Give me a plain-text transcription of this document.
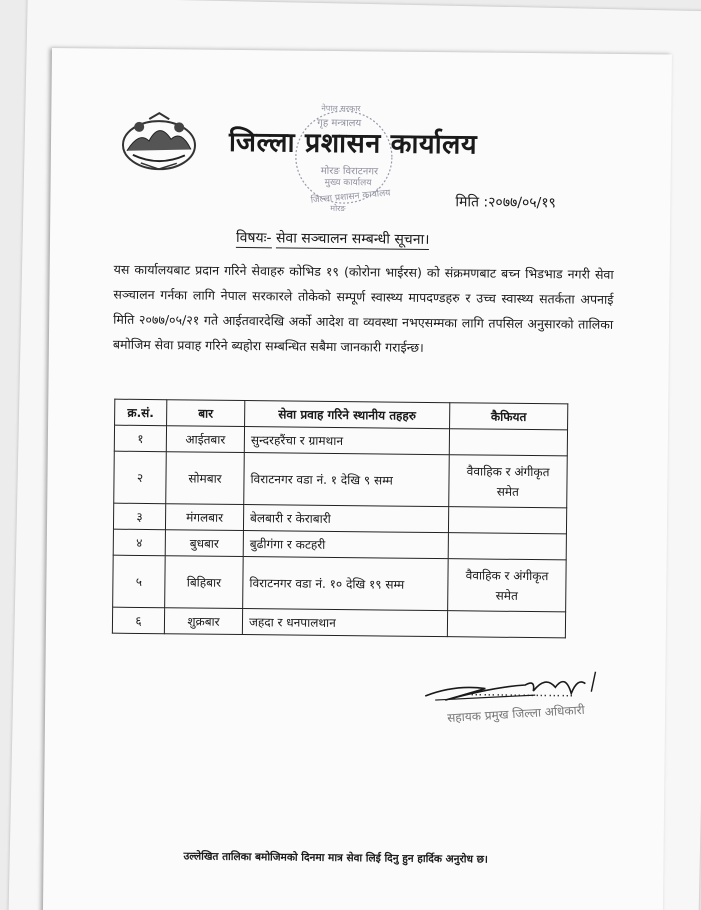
जिल्ला प्रशासन कार्यालय
नेपाल सरकार
गृह मन्त्रालय
मोरङ विराटनगर
मुख्य कार्यालय
जिल्ला प्रशासन कार्यालय
मोरङ	मिति :२०७७/०५/१९
विषयः- सेवा सञ्चालन सम्बन्धी सूचना।

यस कार्यालयबाट प्रदान गरिने सेवाहरु कोभिड १९ (कोरोना भाईरस) को संक्रमणबाट बच्न भिडभाड नगरी सेवा सञ्चालन गर्नका लागि नेपाल सरकारले तोकेको सम्पूर्ण स्वास्थ्य मापदण्डहरु र उच्च स्वास्थ्य सतर्कता अपनाई मिति २०७७/०५/२१ गते आईतवारदेखि अर्को आदेश वा व्यवस्था नभएसम्मका लागि तपसिल अनुसारको तालिका बमोजिम सेवा प्रवाह गरिने ब्यहोरा सम्बन्धित सबैमा जानकारी गराईन्छ।

क्र.सं.	बार	सेवा प्रवाह गरिने स्थानीय तहहरु	कैफियत
१	आईतबार	सुन्दरहरैंचा र ग्रामथान	
२	सोमबार	विराटनगर वडा नं. १ देखि ९ सम्म	वैवाहिक र अंगीकृत समेत
३	मंगलबार	बेलबारी र केराबारी	
४	बुधबार	बुढीगंगा र कटहरी	
५	बिहिबार	विराटनगर वडा नं. १० देखि १९ सम्म	वैवाहिक र अंगीकृत समेत
६	शुक्रबार	जहदा र धनपालथान	
……………………
सहायक प्रमुख जिल्ला अधिकारी
उल्लेखित तालिका बमोजिमको दिनमा मात्र सेवा लिई दिनु हुन हार्दिक अनुरोध छ।
